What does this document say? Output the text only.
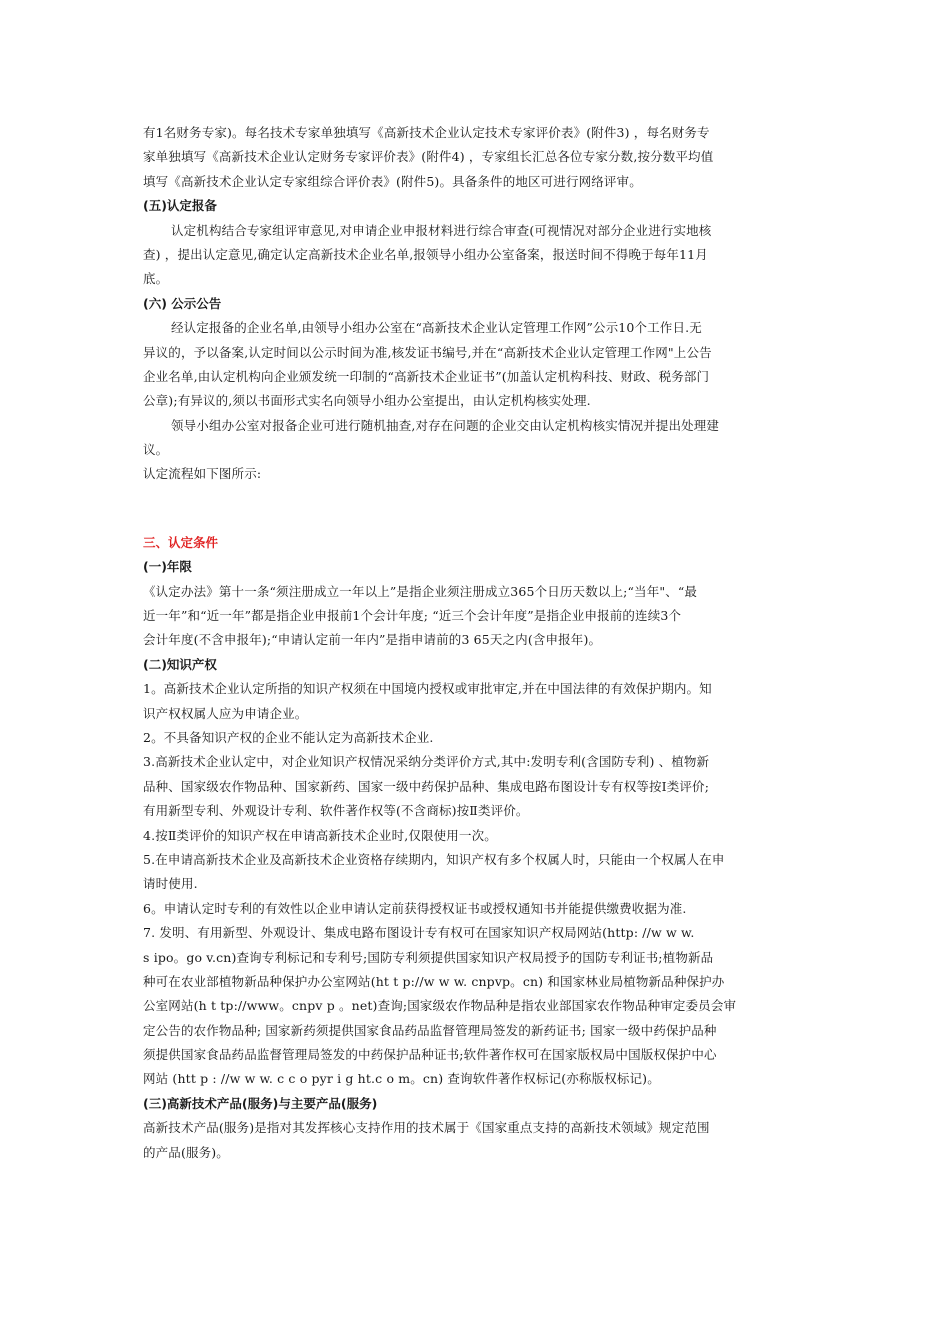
有1名财务专家)。每名技术专家单独填写《高新技术企业认定技术专家评价表》(附件3) ，每名财务专
家单独填写《高新技术企业认定财务专家评价表》(附件4) ，专家组长汇总各位专家分数,按分数平均值
填写《高新技术企业认定专家组综合评价表》(附件5)。具备条件的地区可进行网络评审。
(五)认定报备
认定机构结合专家组评审意见,对申请企业申报材料进行综合审查(可视情况对部分企业进行实地核
查) ，提出认定意见,确定认定高新技术企业名单,报领导小组办公室备案，报送时间不得晚于每年11月
底。
(六) 公示公告
经认定报备的企业名单,由领导小组办公室在“高新技术企业认定管理工作网”公示10个工作日.无
异议的，予以备案,认定时间以公示时间为准,核发证书编号,并在“高新技术企业认定管理工作网"上公告
企业名单,由认定机构向企业颁发统一印制的“高新技术企业证书”(加盖认定机构科技、财政、税务部门
公章);有异议的,须以书面形式实名向领导小组办公室提出，由认定机构核实处理.
领导小组办公室对报备企业可进行随机抽查,对存在问题的企业交由认定机构核实情况并提出处理建
议。
认定流程如下图所示:
三、认定条件
(一)年限
《认定办法》第十一条“须注册成立一年以上”是指企业须注册成立365个日历天数以上;“当年"、“最
近一年”和“近一年”都是指企业申报前1个会计年度; “近三个会计年度”是指企业申报前的连续3个
会计年度(不含申报年);“申请认定前一年内”是指申请前的3 65天之内(含申报年)。
(二)知识产权
1。高新技术企业认定所指的知识产权须在中国境内授权或审批审定,并在中国法律的有效保护期内。知
识产权权属人应为申请企业。
2。不具备知识产权的企业不能认定为高新技术企业.
3.高新技术企业认定中，对企业知识产权情况采纳分类评价方式,其中:发明专利(含国防专利) 、植物新
品种、国家级农作物品种、国家新药、国家一级中药保护品种、集成电路布图设计专有权等按Ⅰ类评价;
有用新型专利、外观设计专利、软件著作权等(不含商标)按Ⅱ类评价。
4.按Ⅱ类评价的知识产权在申请高新技术企业时,仅限使用一次。
5.在申请高新技术企业及高新技术企业资格存续期内，知识产权有多个权属人时，只能由一个权属人在申
请时使用.
6。申请认定时专利的有效性以企业申请认定前获得授权证书或授权通知书并能提供缴费收据为准.
7. 发明、有用新型、外观设计、集成电路布图设计专有权可在国家知识产权局网站(http: //w w w.
s ipo。go v.cn)查询专利标记和专利号;国防专利须提供国家知识产权局授予的国防专利证书;植物新品
种可在农业部植物新品种保护办公室网站(ht t p://w w w. cnpvp。cn) 和国家林业局植物新品种保护办
公室网站(h t tp://www。cnpv p 。net)查询;国家级农作物品种是指农业部国家农作物品种审定委员会审
定公告的农作物品种; 国家新药须提供国家食品药品监督管理局签发的新药证书; 国家一级中药保护品种
须提供国家食品药品监督管理局签发的中药保护品种证书;软件著作权可在国家版权局中国版权保护中心
网站 (htt p : //w w w. c c o pyr i g ht.c o m。cn) 查询软件著作权标记(亦称版权标记)。
(三)高新技术产品(服务)与主要产品(服务)
高新技术产品(服务)是指对其发挥核心支持作用的技术属于《国家重点支持的高新技术领域》规定范围
的产品(服务)。
